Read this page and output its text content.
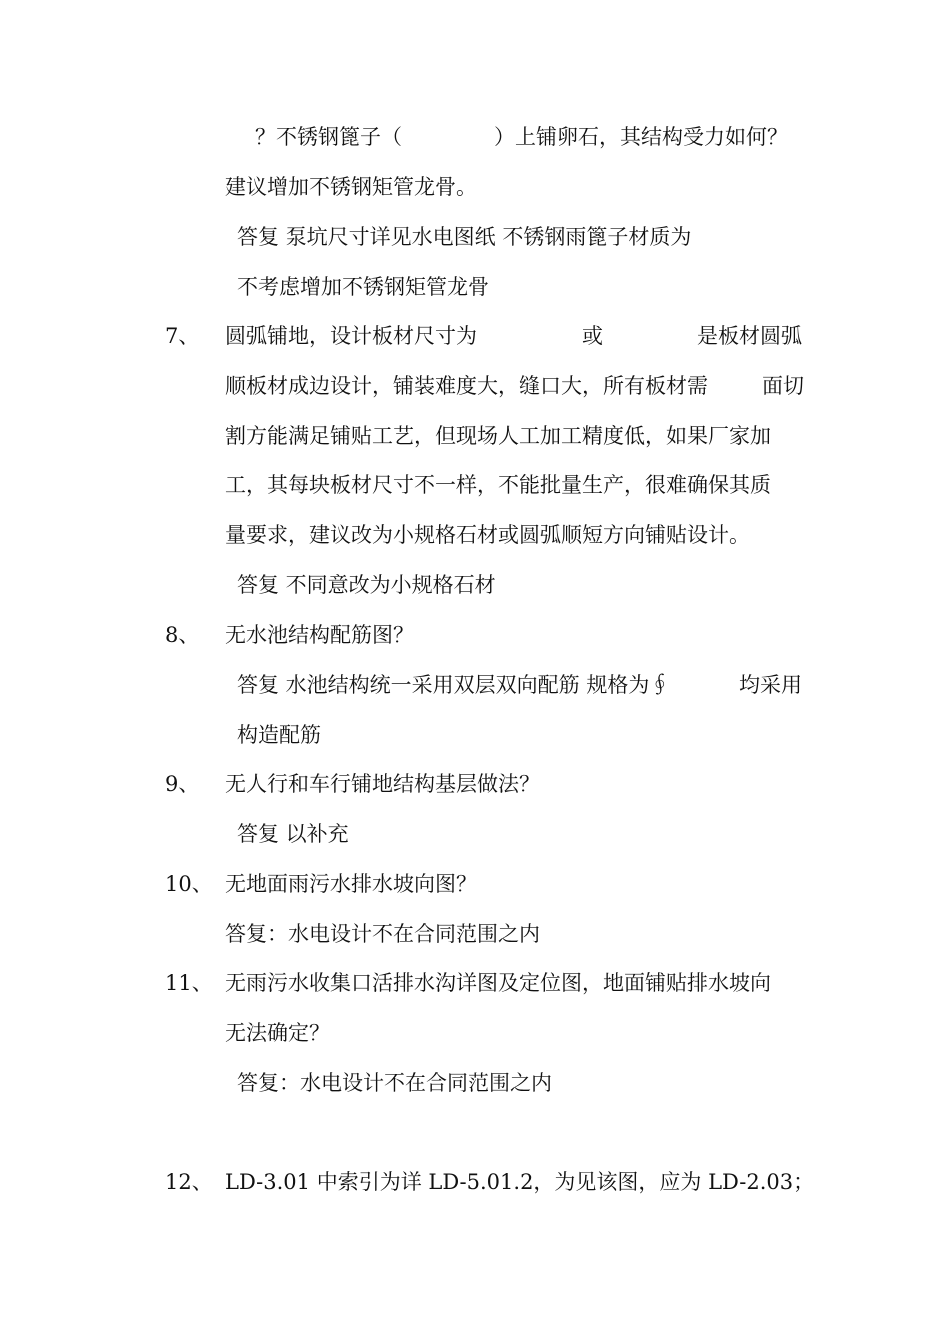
？不锈钢篦子（	）上铺卵石，其结构受力如何？
建议增加不锈钢矩管龙骨。
答复 泵坑尺寸详见水电图纸 不锈钢雨篦子材质为
不考虑增加不锈钢矩管龙骨
7、 圆弧铺地，设计板材尺寸为	或	是板材圆弧
顺板材成边设计，铺装难度大，缝口大，所有板材需	面切
割方能满足铺贴工艺，但现场人工加工精度低，如果厂家加
工，其每块板材尺寸不一样，不能批量生产，很难确保其质
量要求，建议改为小规格石材或圆弧顺短方向铺贴设计。
答复 不同意改为小规格石材
8、 无水池结构配筋图？
答复 水池结构统一采用双层双向配筋 规格为∮	均采用
构造配筋
9、 无人行和车行铺地结构基层做法？
答复 以补充
10、 无地面雨污水排水坡向图？
答复：水电设计不在合同范围之内
11、 无雨污水收集口活排水沟详图及定位图，地面铺贴排水坡向
无法确定？
答复：水电设计不在合同范围之内
12、 LD-3.01 中索引为详 LD-5.01.2，为见该图，应为 LD-2.03；
